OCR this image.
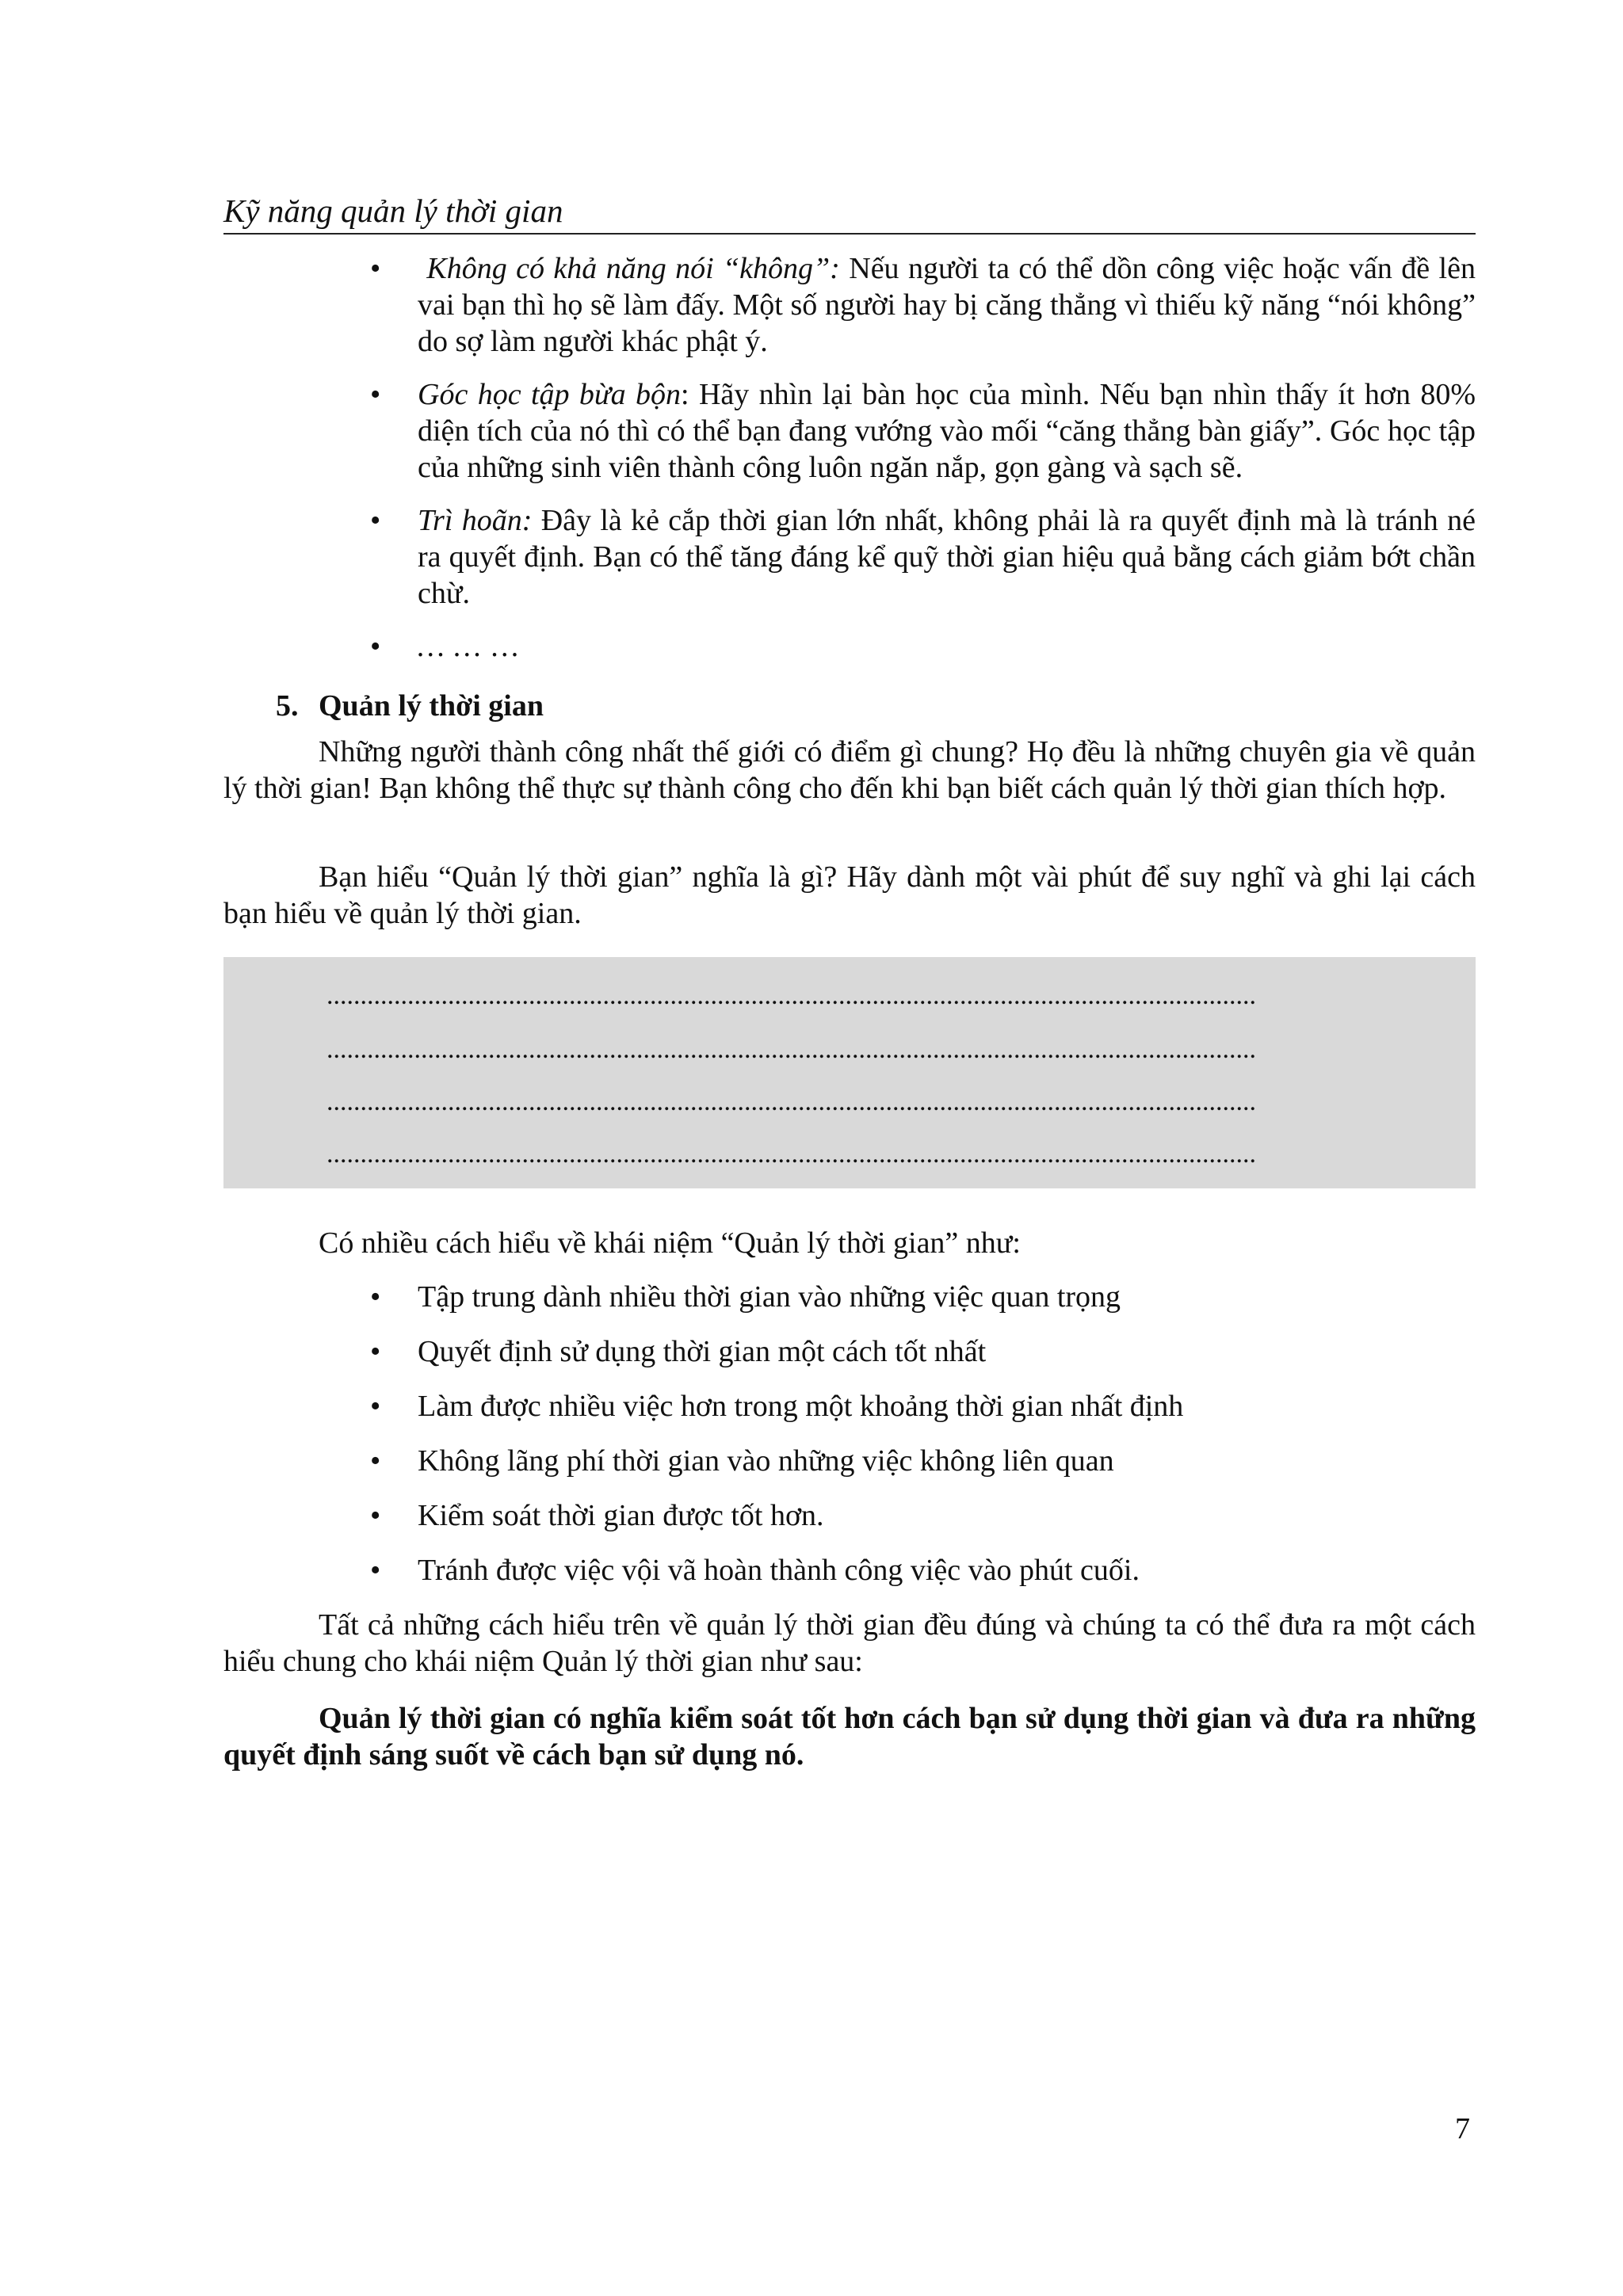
Kỹ năng quản lý thời gian
•	Không có khả năng nói “không”: Nếu người ta có thể dồn công việc hoặc vấn đề lên vai bạn thì họ sẽ làm đấy. Một số người hay bị căng thẳng vì thiếu kỹ năng “nói không” do sợ làm người khác phật ý.
• Góc học tập bừa bộn: Hãy nhìn lại bàn học của mình. Nếu bạn nhìn thấy ít hơn 80% diện tích của nó thì có thể bạn đang vướng vào mối “căng thẳng bàn giấy”. Góc học tập của những sinh viên thành công luôn ngăn nắp, gọn gàng và sạch sẽ.
• Trì hoãn: Đây là kẻ cắp thời gian lớn nhất, không phải là ra quyết định mà là tránh né ra quyết định. Bạn có thể tăng đáng kể quỹ thời gian hiệu quả bằng cách giảm bớt chần chừ.
• … … …
5. Quản lý thời gian
Những người thành công nhất thế giới có điểm gì chung? Họ đều là những chuyên gia về quản lý thời gian! Bạn không thể thực sự thành công cho đến khi bạn biết cách quản lý thời gian thích hợp.
Bạn hiểu “Quản lý thời gian” nghĩa là gì? Hãy dành một vài phút để suy nghĩ và ghi lại cách bạn hiểu về quản lý thời gian.
..........................................................................................................................................
..........................................................................................................................................
..........................................................................................................................................
..........................................................................................................................................
Có nhiều cách hiểu về khái niệm “Quản lý thời gian” như:
• Tập trung dành nhiều thời gian vào những việc quan trọng
• Quyết định sử dụng thời gian một cách tốt nhất
• Làm được nhiều việc hơn trong một khoảng thời gian nhất định
• Không lãng phí thời gian vào những việc không liên quan
• Kiểm soát thời gian được tốt hơn.
• Tránh được việc vội vã hoàn thành công việc vào phút cuối.
Tất cả những cách hiểu trên về quản lý thời gian đều đúng và chúng ta có thể đưa ra một cách hiểu chung cho khái niệm Quản lý thời gian như sau:
Quản lý thời gian có nghĩa kiểm soát tốt hơn cách bạn sử dụng thời gian và đưa ra những quyết định sáng suốt về cách bạn sử dụng nó.
7
